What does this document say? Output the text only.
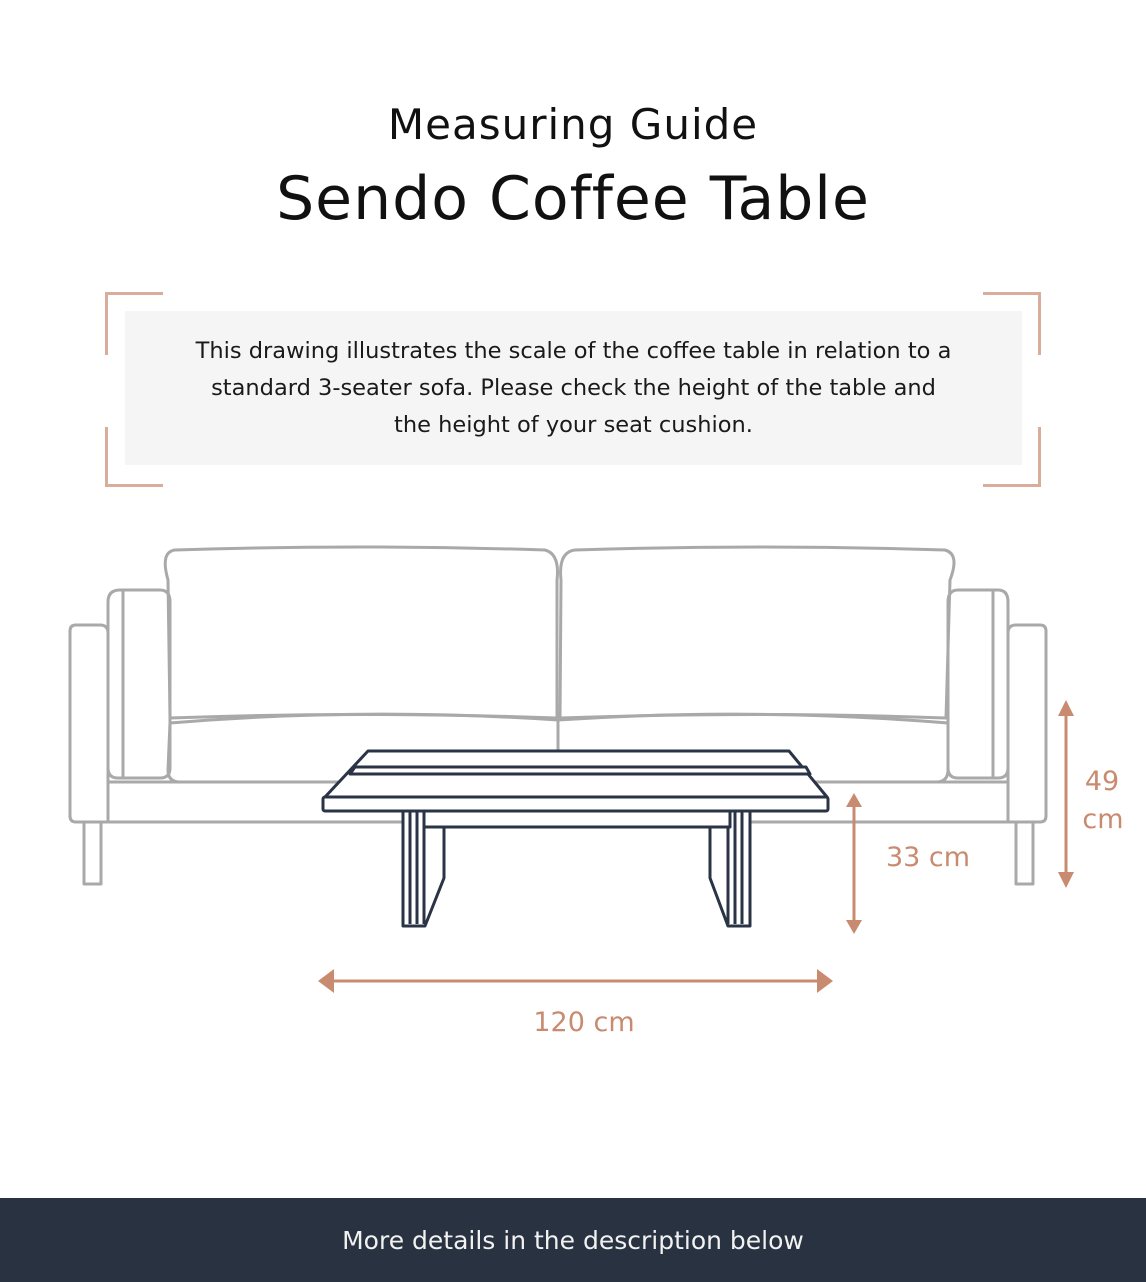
Measuring Guide
Sendo Coffee Table

This drawing illustrates the scale of the coffee table in relation to a standard 3-seater sofa. Please check the height of the table and the height of your seat cushion.

49
cm
33 cm
120 cm
More details in the description below
